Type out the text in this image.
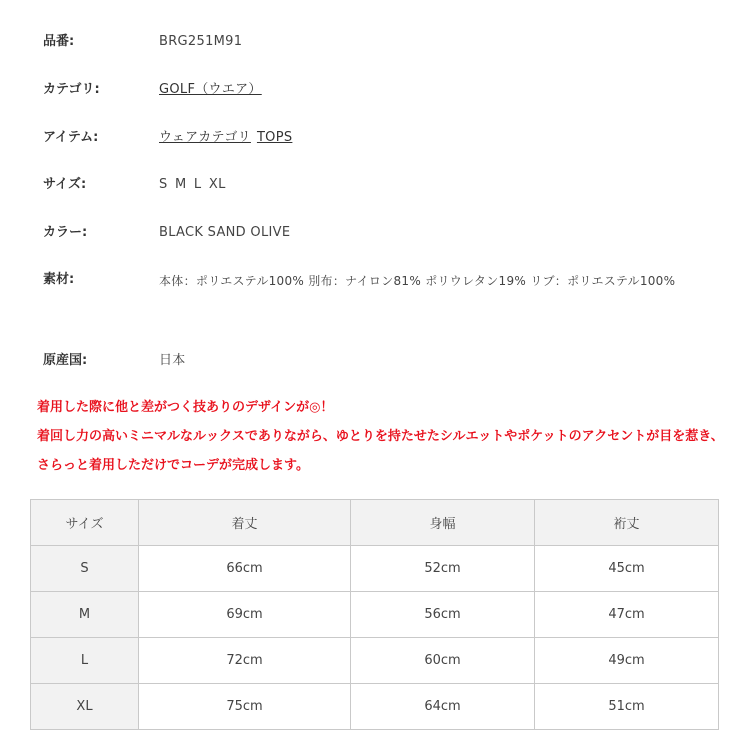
品番:	BRG251M91
カテゴリ:	GOLF（ウエア）
アイテム:	ウェアカテゴリ TOPS
サイズ:	S M L XL
カラー:	BLACK SAND OLIVE
素材:	本体：ポリエステル100% 別布：ナイロン81% ポリウレタン19% リブ：ポリエステル100%
原産国:	日本
着用した際に他と差がつく技ありのデザインが◎！
着回し力の高いミニマルなルックスでありながら、ゆとりを持たせたシルエットやポケットのアクセントが目を惹き、さらっと着用しただけでコーデが完成します。
サイズ	着丈	身幅	裄丈
S	66cm	52cm	45cm
M	69cm	56cm	47cm
L	72cm	60cm	49cm
XL	75cm	64cm	51cm
